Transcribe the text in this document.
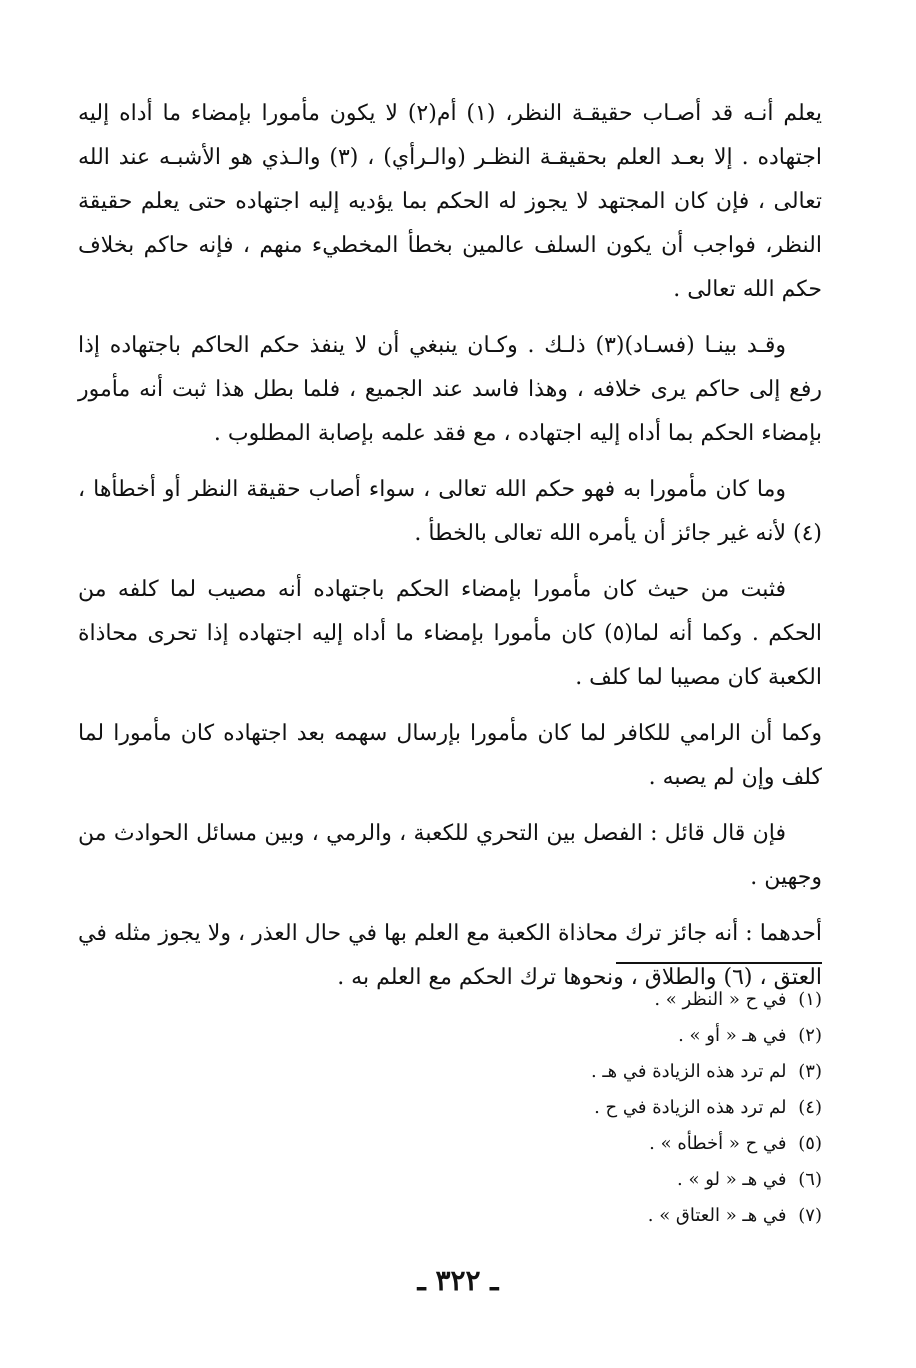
يعلم أنـه قد أصـاب حقيقـة النظر، (١) أم(٢) لا يكون مأمورا بإمضاء ما أداه إليه اجتهاده . إلا بعـد العلم بحقيقـة النظـر (والـرأي) ، (٣) والـذي هو الأشبـه عند الله تعالى ، فإن كان المجتهد لا يجوز له الحكم بما يؤديه إليه اجتهاده حتى يعلم حقيقة النظر، فواجب أن يكون السلف عالمين بخطأ المخطيء منهم ، فإنه حاكم بخلاف حكم الله تعالى .

وقـد بينـا (فسـاد)(٣) ذلـك . وكـان ينبغي أن لا ينفذ حكم الحاكم باجتهاده إذا رفع إلى حاكم يرى خلافه ، وهذا فاسد عند الجميع ، فلما بطل هذا ثبت أنه مأمور بإمضاء الحكم بما أداه إليه اجتهاده ، مع فقد علمه بإصابة المطلوب .

وما كان مأمورا به فهو حكم الله تعالى ، سواء أصاب حقيقة النظر أو أخطأها ، (٤) لأنه غير جائز أن يأمره الله تعالى بالخطأ .

فثبت من حيث كان مأمورا بإمضاء الحكم باجتهاده أنه مصيب لما كلفه من الحكم . وكما أنه لما(٥) كان مأمورا بإمضاء ما أداه إليه اجتهاده إذا تحرى محاذاة الكعبة كان مصيبا لما كلف .

وكما أن الرامي للكافر لما كان مأمورا بإرسال سهمه بعد اجتهاده كان مأمورا لما كلف وإن لم يصبه .

فإن قال قائل : الفصل بين التحري للكعبة ، والرمي ، وبين مسائل الحوادث من وجهين .

أحدهما : أنه جائز ترك محاذاة الكعبة مع العلم بها في حال العذر ، ولا يجوز مثله في العتق ، (٦) والطلاق ، ونحوها ترك الحكم مع العلم به .

(١) في ح « النظر » .
(٢) في هـ « أو » .
(٣) لم ترد هذه الزيادة في هـ .
(٤) لم ترد هذه الزيادة في ح .
(٥) في ح « أخطأه » .
(٦) في هـ « لو » .
(٧) في هـ « العتاق » .
ـ ٣٢٢ ـ
